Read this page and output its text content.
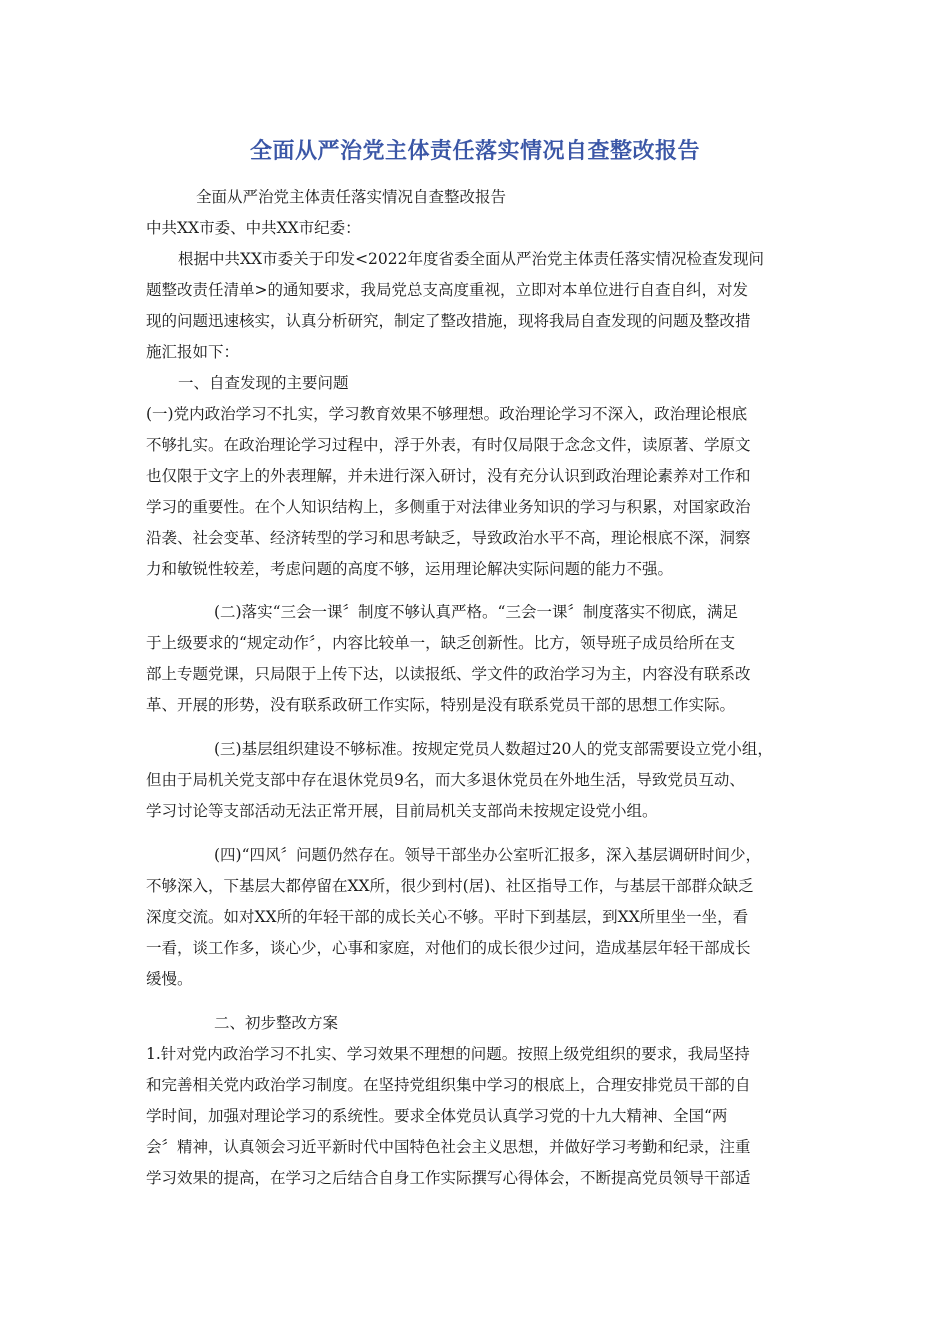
全面从严治党主体责任落实情况自查整改报告

全面从严治党主体责任落实情况自查整改报告

中共XX市委、中共XX市纪委：

根据中共XX市委关于印发<2022年度省委全面从严治党主体责任落实情况检查发现问

题整改责任清单>的通知要求，我局党总支高度重视，立即对本单位进行自查自纠，对发

现的问题迅速核实，认真分析研究，制定了整改措施，现将我局自查发现的问题及整改措

施汇报如下：

一、自查发现的主要问题

(一)党内政治学习不扎实，学习教育效果不够理想。政治理论学习不深入，政治理论根底

不够扎实。在政治理论学习过程中，浮于外表，有时仅局限于念念文件，读原著、学原文

也仅限于文字上的外表理解，并未进行深入研讨，没有充分认识到政治理论素养对工作和

学习的重要性。在个人知识结构上，多侧重于对法律业务知识的学习与积累，对国家政治

沿袭、社会变革、经济转型的学习和思考缺乏，导致政治水平不高，理论根底不深，洞察

力和敏锐性较差，考虑问题的高度不够，运用理论解决实际问题的能力不强。

(二)落实“三会一课〞制度不够认真严格。“三会一课〞制度落实不彻底，满足

于上级要求的“规定动作〞，内容比较单一，缺乏创新性。比方，领导班子成员给所在支

部上专题党课，只局限于上传下达，以读报纸、学文件的政治学习为主，内容没有联系改

革、开展的形势，没有联系政研工作实际，特别是没有联系党员干部的思想工作实际。

(三)基层组织建设不够标准。按规定党员人数超过20人的党支部需要设立党小组，

但由于局机关党支部中存在退休党员9名，而大多退休党员在外地生活，导致党员互动、

学习讨论等支部活动无法正常开展，目前局机关支部尚未按规定设党小组。

(四)“四风〞问题仍然存在。领导干部坐办公室听汇报多，深入基层调研时间少，

不够深入，下基层大都停留在XX所，很少到村(居)、社区指导工作，与基层干部群众缺乏

深度交流。如对XX所的年轻干部的成长关心不够。平时下到基层，到XX所里坐一坐，看

一看，谈工作多，谈心少，心事和家庭，对他们的成长很少过问，造成基层年轻干部成长

缓慢。

二、初步整改方案

1.针对党内政治学习不扎实、学习效果不理想的问题。按照上级党组织的要求，我局坚持

和完善相关党内政治学习制度。在坚持党组织集中学习的根底上，合理安排党员干部的自

学时间，加强对理论学习的系统性。要求全体党员认真学习党的十九大精神、全国“两

会〞精神，认真领会习近平新时代中国特色社会主义思想，并做好学习考勤和纪录，注重

学习效果的提高，在学习之后结合自身工作实际撰写心得体会，不断提高党员领导干部适
